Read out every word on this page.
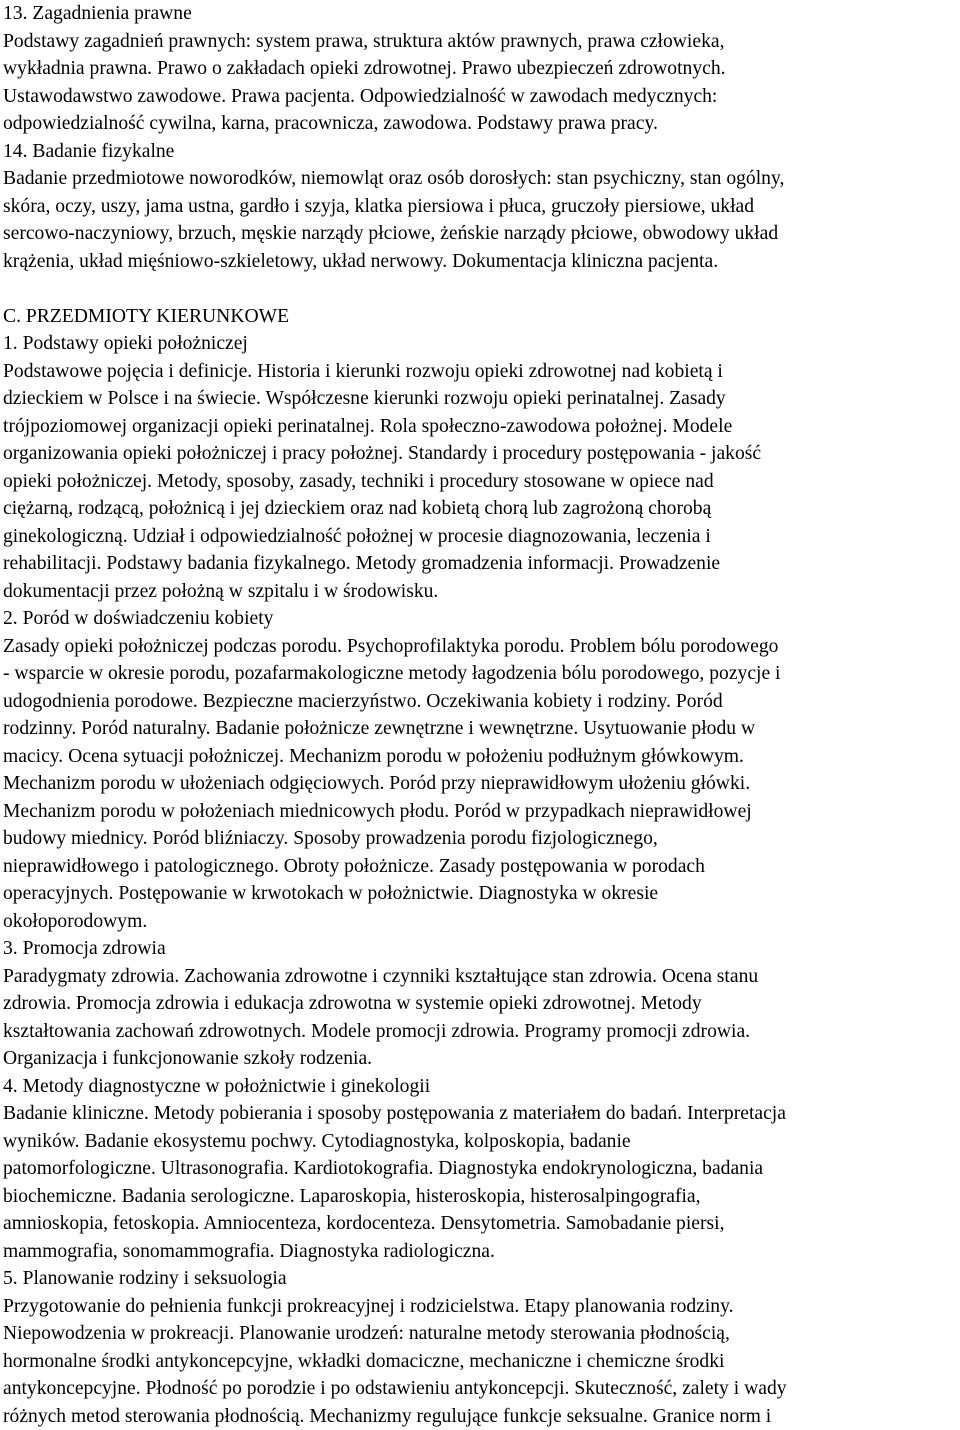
13. Zagadnienia prawne
Podstawy zagadnień prawnych: system prawa, struktura aktów prawnych, prawa człowieka,
wykładnia prawna. Prawo o zakładach opieki zdrowotnej. Prawo ubezpieczeń zdrowotnych.
Ustawodawstwo zawodowe. Prawa pacjenta. Odpowiedzialność w zawodach medycznych:
odpowiedzialność cywilna, karna, pracownicza, zawodowa. Podstawy prawa pracy.
14. Badanie fizykalne
Badanie przedmiotowe noworodków, niemowląt oraz osób dorosłych: stan psychiczny, stan ogólny,
skóra, oczy, uszy, jama ustna, gardło i szyja, klatka piersiowa i płuca, gruczoły piersiowe, układ
sercowo-naczyniowy, brzuch, męskie narządy płciowe, żeńskie narządy płciowe, obwodowy układ
krążenia, układ mięśniowo-szkieletowy, układ nerwowy. Dokumentacja kliniczna pacjenta.
C. PRZEDMIOTY KIERUNKOWE
1. Podstawy opieki położniczej
Podstawowe pojęcia i definicje. Historia i kierunki rozwoju opieki zdrowotnej nad kobietą i
dzieckiem w Polsce i na świecie. Współczesne kierunki rozwoju opieki perinatalnej. Zasady
trójpoziomowej organizacji opieki perinatalnej. Rola społeczno-zawodowa położnej. Modele
organizowania opieki położniczej i pracy położnej. Standardy i procedury postępowania - jakość
opieki położniczej. Metody, sposoby, zasady, techniki i procedury stosowane w opiece nad
ciężarną, rodzącą, położnicą i jej dzieckiem oraz nad kobietą chorą lub zagrożoną chorobą
ginekologiczną. Udział i odpowiedzialność położnej w procesie diagnozowania, leczenia i
rehabilitacji. Podstawy badania fizykalnego. Metody gromadzenia informacji. Prowadzenie
dokumentacji przez położną w szpitalu i w środowisku.
2. Poród w doświadczeniu kobiety
Zasady opieki położniczej podczas porodu. Psychoprofilaktyka porodu. Problem bólu porodowego
- wsparcie w okresie porodu, pozafarmakologiczne metody łagodzenia bólu porodowego, pozycje i
udogodnienia porodowe. Bezpieczne macierzyństwo. Oczekiwania kobiety i rodziny. Poród
rodzinny. Poród naturalny. Badanie położnicze zewnętrzne i wewnętrzne. Usytuowanie płodu w
macicy. Ocena sytuacji położniczej. Mechanizm porodu w położeniu podłużnym główkowym.
Mechanizm porodu w ułożeniach odgięciowych. Poród przy nieprawidłowym ułożeniu główki.
Mechanizm porodu w położeniach miednicowych płodu. Poród w przypadkach nieprawidłowej
budowy miednicy. Poród bliźniaczy. Sposoby prowadzenia porodu fizjologicznego,
nieprawidłowego i patologicznego. Obroty położnicze. Zasady postępowania w porodach
operacyjnych. Postępowanie w krwotokach w położnictwie. Diagnostyka w okresie
okołoporodowym.
3. Promocja zdrowia
Paradygmaty zdrowia. Zachowania zdrowotne i czynniki kształtujące stan zdrowia. Ocena stanu
zdrowia. Promocja zdrowia i edukacja zdrowotna w systemie opieki zdrowotnej. Metody
kształtowania zachowań zdrowotnych. Modele promocji zdrowia. Programy promocji zdrowia.
Organizacja i funkcjonowanie szkoły rodzenia.
4. Metody diagnostyczne w położnictwie i ginekologii
Badanie kliniczne. Metody pobierania i sposoby postępowania z materiałem do badań. Interpretacja
wyników. Badanie ekosystemu pochwy. Cytodiagnostyka, kolposkopia, badanie
patomorfologiczne. Ultrasonografia. Kardiotokografia. Diagnostyka endokrynologiczna, badania
biochemiczne. Badania serologiczne. Laparoskopia, histeroskopia, histerosalpingografia,
amnioskopia, fetoskopia. Amniocenteza, kordocenteza. Densytometria. Samobadanie piersi,
mammografia, sonomammografia. Diagnostyka radiologiczna.
5. Planowanie rodziny i seksuologia
Przygotowanie do pełnienia funkcji prokreacyjnej i rodzicielstwa. Etapy planowania rodziny.
Niepowodzenia w prokreacji. Planowanie urodzeń: naturalne metody sterowania płodnością,
hormonalne środki antykoncepcyjne, wkładki domaciczne, mechaniczne i chemiczne środki
antykoncepcyjne. Płodność po porodzie i po odstawieniu antykoncepcji. Skuteczność, zalety i wady
różnych metod sterowania płodnością. Mechanizmy regulujące funkcje seksualne. Granice norm i
